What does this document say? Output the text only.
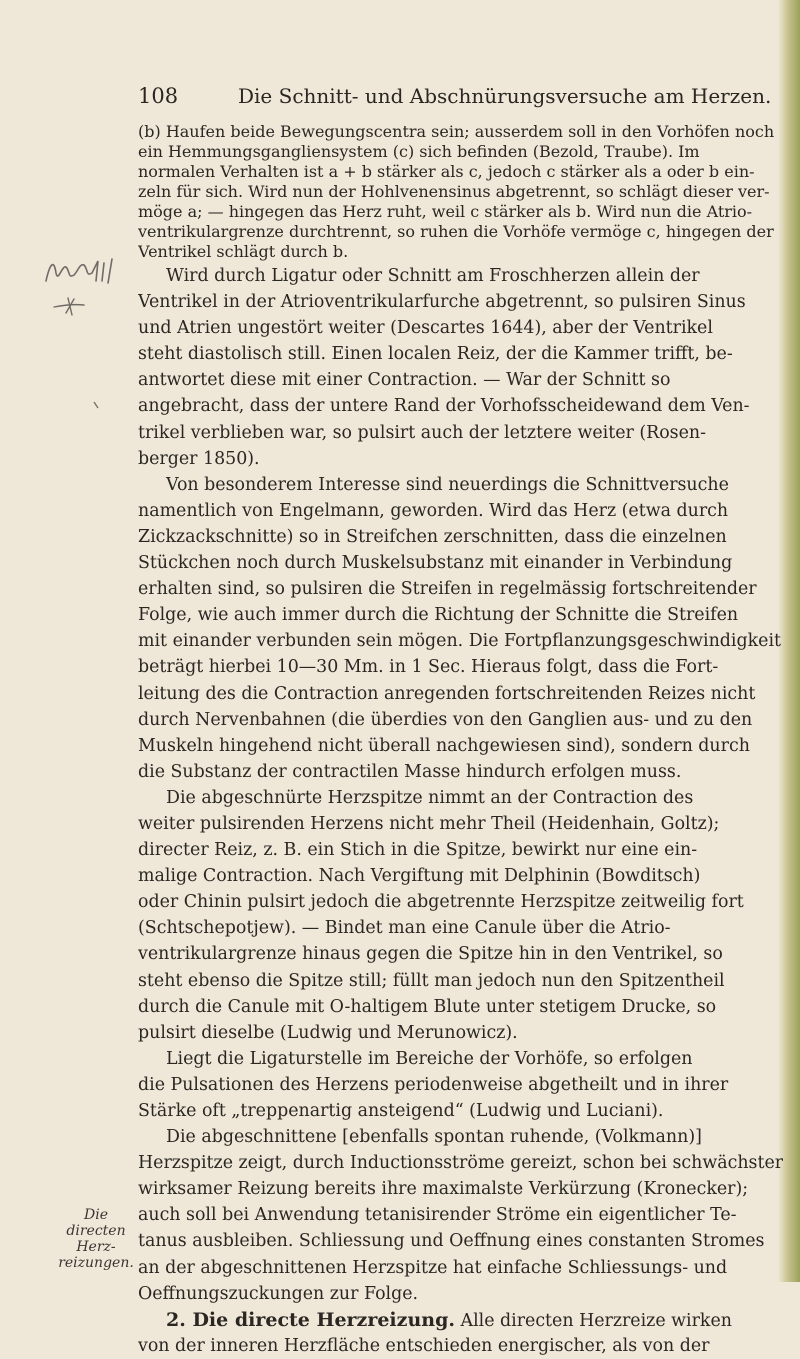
108	Die Schnitt- und Abschnürungsversuche am Herzen.
(b) Haufen beide Bewegungscentra sein; ausserdem soll in den Vorhöfen noch
ein Hemmungsgangliensystem (c) sich befinden (Bezold, Traube). Im
normalen Verhalten ist a + b stärker als c, jedoch c stärker als a oder b ein-
zeln für sich. Wird nun der Hohlvenensinus abgetrennt, so schlägt dieser ver-
möge a; — hingegen das Herz ruht, weil c stärker als b. Wird nun die Atrio-
ventrikulargrenze durchtrennt, so ruhen die Vorhöfe vermöge c, hingegen der
Ventrikel schlägt durch b.
Wird durch Ligatur oder Schnitt am Froschherzen allein der
Ventrikel in der Atrioventrikularfurche abgetrennt, so pulsiren Sinus
und Atrien ungestört weiter (Descartes 1644), aber der Ventrikel
steht diastolisch still. Einen localen Reiz, der die Kammer trifft, be-
antwortet diese mit einer Contraction. — War der Schnitt so
angebracht, dass der untere Rand der Vorhofsscheidewand dem Ven-
trikel verblieben war, so pulsirt auch der letztere weiter (Rosen-
berger 1850).
Von besonderem Interesse sind neuerdings die Schnittversuche
namentlich von Engelmann, geworden. Wird das Herz (etwa durch
Zickzackschnitte) so in Streifchen zerschnitten, dass die einzelnen
Stückchen noch durch Muskelsubstanz mit einander in Verbindung
erhalten sind, so pulsiren die Streifen in regelmässig fortschreitender
Folge, wie auch immer durch die Richtung der Schnitte die Streifen
mit einander verbunden sein mögen. Die Fortpflanzungsgeschwindigkeit
beträgt hierbei 10—30 Mm. in 1 Sec. Hieraus folgt, dass die Fort-
leitung des die Contraction anregenden fortschreitenden Reizes nicht
durch Nervenbahnen (die überdies von den Ganglien aus- und zu den
Muskeln hingehend nicht überall nachgewiesen sind), sondern durch
die Substanz der contractilen Masse hindurch erfolgen muss.
Die abgeschnürte Herzspitze nimmt an der Contraction des
weiter pulsirenden Herzens nicht mehr Theil (Heidenhain, Goltz);
directer Reiz, z. B. ein Stich in die Spitze, bewirkt nur eine ein-
malige Contraction. Nach Vergiftung mit Delphinin (Bowditsch)
oder Chinin pulsirt jedoch die abgetrennte Herzspitze zeitweilig fort
(Schtschepotjew). — Bindet man eine Canule über die Atrio-
ventrikulargrenze hinaus gegen die Spitze hin in den Ventrikel, so
steht ebenso die Spitze still; füllt man jedoch nun den Spitzentheil
durch die Canule mit O-haltigem Blute unter stetigem Drucke, so
pulsirt dieselbe (Ludwig und Merunowicz).
Liegt die Ligaturstelle im Bereiche der Vorhöfe, so erfolgen
die Pulsationen des Herzens periodenweise abgetheilt und in ihrer
Stärke oft „treppenartig ansteigend“ (Ludwig und Luciani).
Die abgeschnittene [ebenfalls spontan ruhende, (Volkmann)]
Herzspitze zeigt, durch Inductionsströme gereizt, schon bei schwächster
wirksamer Reizung bereits ihre maximalste Verkürzung (Kronecker);
auch soll bei Anwendung tetanisirender Ströme ein eigentlicher Te-
tanus ausbleiben. Schliessung und Oeffnung eines constanten Stromes
an der abgeschnittenen Herzspitze hat einfache Schliessungs- und
Oeffnungszuckungen zur Folge.
2. Die directe Herzreizung. Alle directen Herzreize wirken
von der inneren Herzfläche entschieden energischer, als von der
Die
directen Herz-
reizungen.
